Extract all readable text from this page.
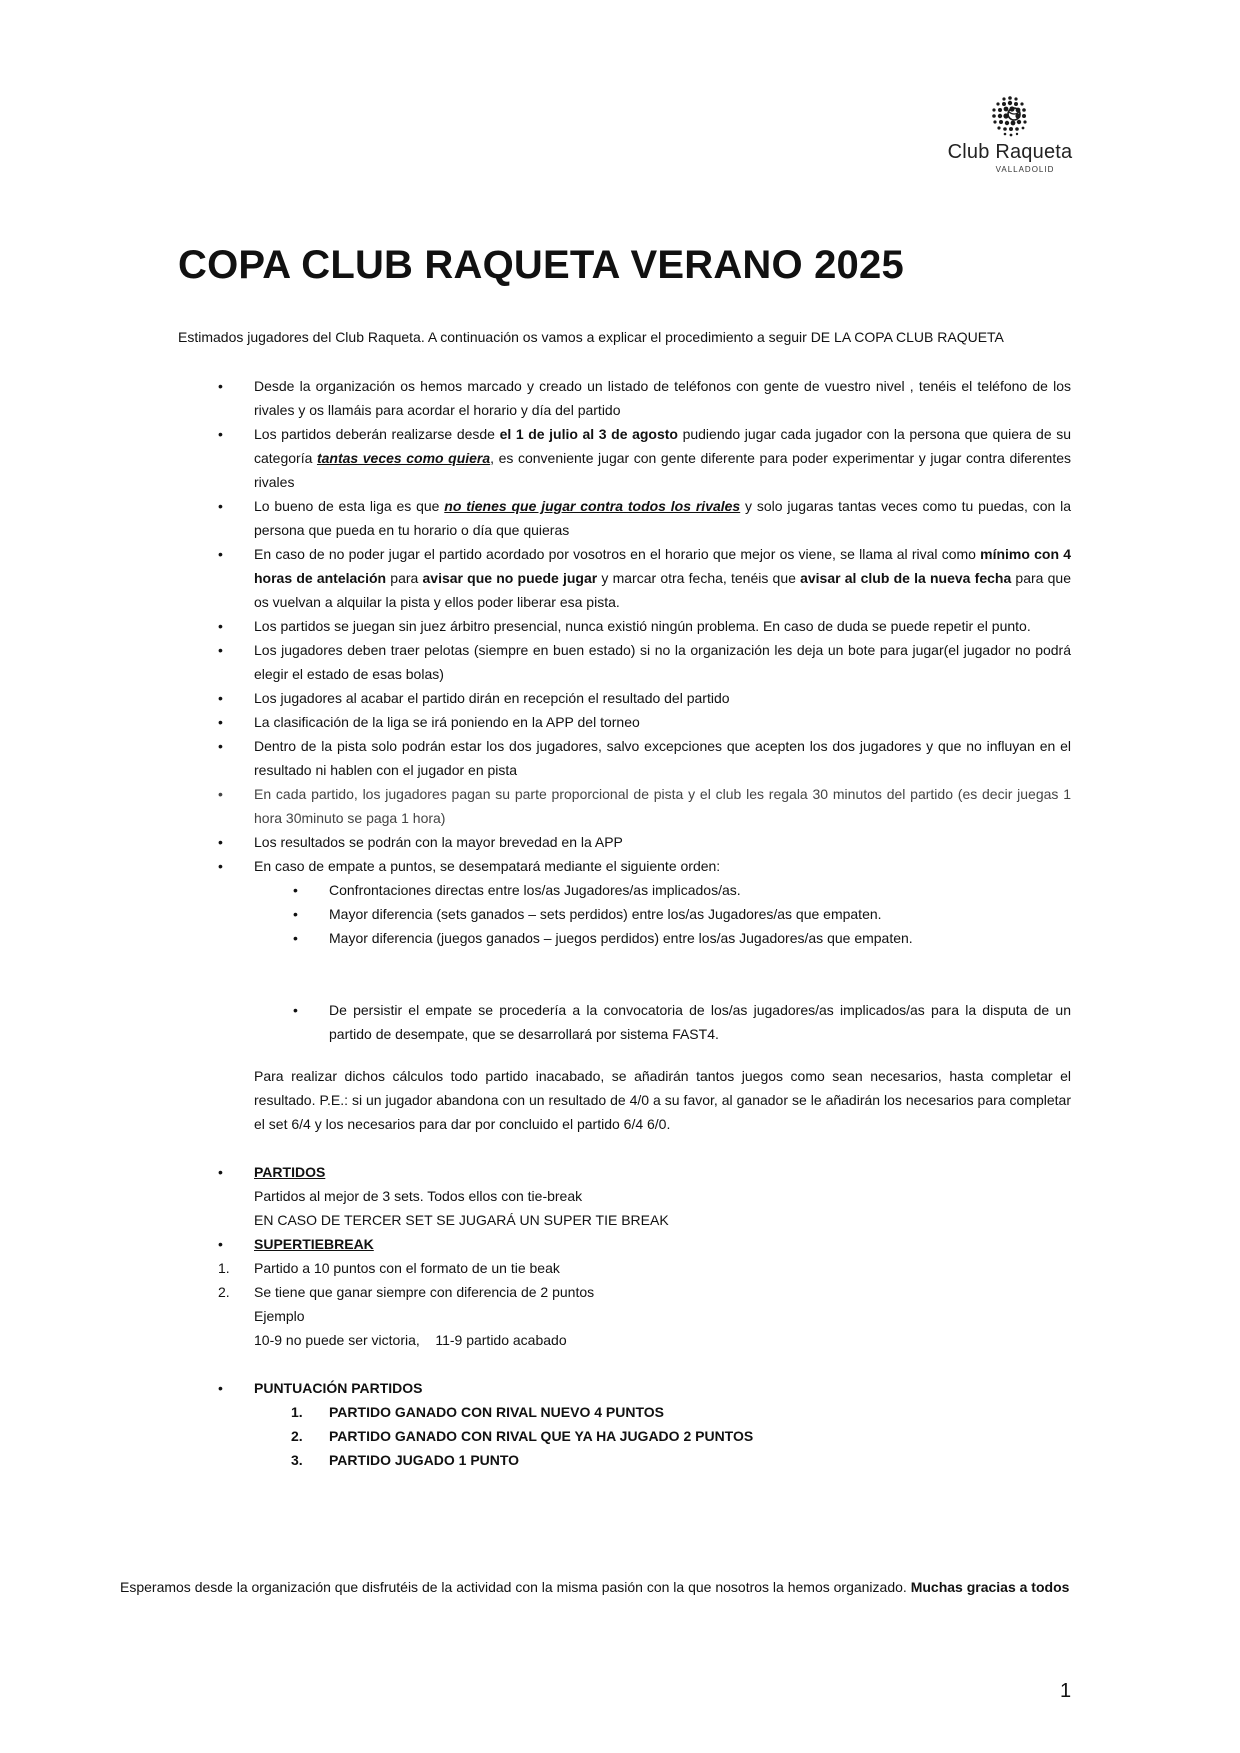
Club Raqueta
VALLADOLID
COPA CLUB RAQUETA VERANO 2025
Estimados jugadores del Club Raqueta. A continuación os vamos a explicar el procedimiento a seguir DE LA COPA CLUB RAQUETA
• Desde la organización os hemos marcado y creado un listado de teléfonos con gente de vuestro nivel , tenéis el teléfono de los rivales y os llamáis para acordar el horario y día del partido
• Los partidos deberán realizarse desde el 1 de julio al 3 de agosto pudiendo jugar cada jugador con la persona que quiera de su categoría tantas veces como quiera, es conveniente jugar con gente diferente para poder experimentar y jugar contra diferentes rivales
• Lo bueno de esta liga es que no tienes que jugar contra todos los rivales y solo jugaras tantas veces como tu puedas, con la persona que pueda en tu horario o día que quieras
• En caso de no poder jugar el partido acordado por vosotros en el horario que mejor os viene, se llama al rival como mínimo con 4 horas de antelación para avisar que no puede jugar y marcar otra fecha, tenéis que avisar al club de la nueva fecha para que os vuelvan a alquilar la pista y ellos poder liberar esa pista.
• Los partidos se juegan sin juez árbitro presencial, nunca existió ningún problema. En caso de duda se puede repetir el punto.
• Los jugadores deben traer pelotas (siempre en buen estado) si no la organización les deja un bote para jugar(el jugador no podrá elegir el estado de esas bolas)
• Los jugadores al acabar el partido dirán en recepción el resultado del partido
• La clasificación de la liga se irá poniendo en la APP del torneo
• Dentro de la pista solo podrán estar los dos jugadores, salvo excepciones que acepten los dos jugadores y que no influyan en el resultado ni hablen con el jugador en pista
• En cada partido, los jugadores pagan su parte proporcional de pista y el club les regala 30 minutos del partido (es decir juegas 1 hora 30minuto se paga 1 hora)
• Los resultados se podrán con la mayor brevedad en la APP
• En caso de empate a puntos, se desempatará mediante el siguiente orden:
• Confrontaciones directas entre los/as Jugadores/as implicados/as.
• Mayor diferencia (sets ganados – sets perdidos) entre los/as Jugadores/as que empaten.
• Mayor diferencia (juegos ganados – juegos perdidos) entre los/as Jugadores/as que empaten.
• De persistir el empate se procedería a la convocatoria de los/as jugadores/as implicados/as para la disputa de un partido de desempate, que se desarrollará por sistema FAST4.
Para realizar dichos cálculos todo partido inacabado, se añadirán tantos juegos como sean necesarios, hasta completar el resultado. P.E.: si un jugador abandona con un resultado de 4/0 a su favor, al ganador se le añadirán los necesarios para completar el set 6/4 y los necesarios para dar por concluido el partido 6/4 6/0.
• PARTIDOS
Partidos al mejor de 3 sets. Todos ellos con tie-break
EN CASO DE TERCER SET SE JUGARÁ UN SUPER TIE BREAK
• SUPERTIEBREAK
1. Partido a 10 puntos con el formato de un tie beak
2. Se tiene que ganar siempre con diferencia de 2 puntos
Ejemplo
10-9 no puede ser victoria,    11-9 partido acabado
• PUNTUACIÓN PARTIDOS
1. PARTIDO GANADO CON RIVAL NUEVO 4 PUNTOS
2. PARTIDO GANADO CON RIVAL QUE YA HA JUGADO 2 PUNTOS
3. PARTIDO JUGADO 1 PUNTO
Esperamos desde la organización que disfrutéis de la actividad con la misma pasión con la que nosotros la hemos organizado. Muchas gracias a todos
1
